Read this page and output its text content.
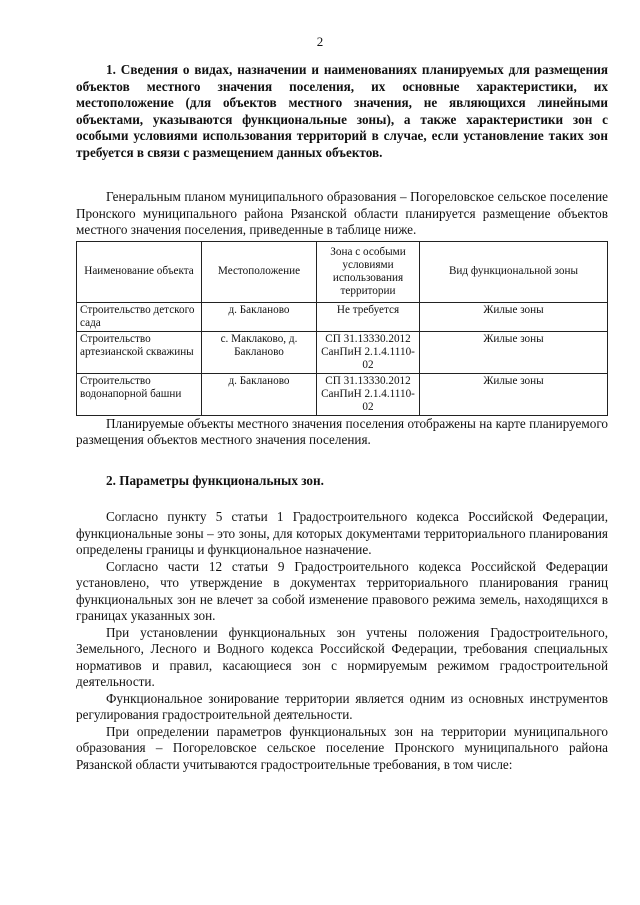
2

1. Сведения о видах, назначении и наименованиях планируемых для размещения объектов местного значения поселения, их основные характеристики, их местоположение (для объектов местного значения, не являющихся линейными объектами, указываются функциональные зоны), а также характеристики зон с особыми условиями использования территорий в случае, если установление таких зон требуется в связи с размещением данных объектов.

Генеральным планом муниципального образования – Погореловское сельское поселение Пронского муниципального района Рязанской области планируется размещение объектов местного значения поселения, приведенные в таблице ниже.

Наименование объекта	Местоположение	Зона с особыми условиями использования территории	Вид функциональной зоны
Строительство детского сада	д. Бакланово	Не требуется	Жилые зоны
Строительство артезианской скважины	с. Маклаково, д. Бакланово	СП 31.13330.2012 СанПиН 2.1.4.1110-02	Жилые зоны
Строительство водонапорной башни	д. Бакланово	СП 31.13330.2012 СанПиН 2.1.4.1110-02	Жилые зоны

Планируемые объекты местного значения поселения отображены на карте планируемого размещения объектов местного значения поселения.

2. Параметры функциональных зон.

Согласно пункту 5 статьи 1 Градостроительного кодекса Российской Федерации, функциональные зоны – это зоны, для которых документами территориального планирования определены границы и функциональное назначение.

Согласно части 12 статьи 9 Градостроительного кодекса Российской Федерации установлено, что утверждение в документах территориального планирования границ функциональных зон не влечет за собой изменение правового режима земель, находящихся в границах указанных зон.

При установлении функциональных зон учтены положения Градостроительного, Земельного, Лесного и Водного кодекса Российской Федерации, требования специальных нормативов и правил, касающиеся зон с нормируемым режимом градостроительной деятельности.

Функциональное зонирование территории является одним из основных инструментов регулирования градостроительной деятельности.

При определении параметров функциональных зон на территории муниципального образования – Погореловское сельское поселение Пронского муниципального района Рязанской области учитываются градостроительные требования, в том числе:
